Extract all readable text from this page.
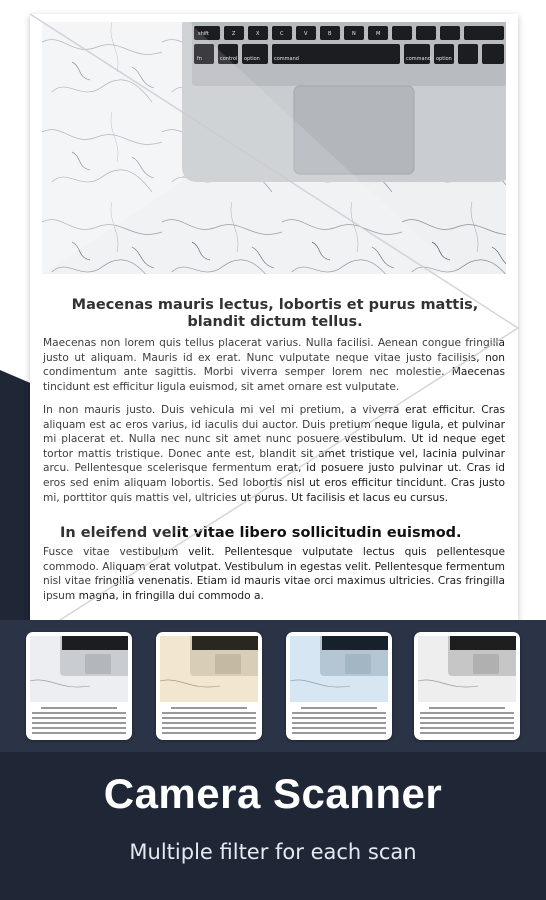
shift	Z	X	C	V	B	N	M
fn	control option	command	command option
Maecenas mauris lectus, lobortis et purus mattis, blandit dictum tellus.
Maecenas non lorem quis tellus placerat varius. Nulla facilisi. Aenean congue fringilla justo ut aliquam. Mauris id ex erat. Nunc vulputate neque vitae justo facilisis, non condimentum ante sagittis. Morbi viverra semper lorem nec molestie. Maecenas tincidunt est efficitur ligula euismod, sit amet ornare est vulputate.
In non mauris justo. Duis vehicula mi vel mi pretium, a viverra erat efficitur. Cras aliquam est ac eros varius, id iaculis dui auctor. Duis pretium neque ligula, et pulvinar mi placerat et. Nulla nec nunc sit amet nunc posuere vestibulum. Ut id neque eget tortor mattis tristique. Donec ante est, blandit sit amet tristique vel, lacinia pulvinar arcu. Pellentesque scelerisque fermentum erat, id posuere justo pulvinar ut. Cras id eros sed enim aliquam lobortis. Sed lobortis nisl ut eros efficitur tincidunt. Cras justo mi, porttitor quis mattis vel, ultricies ut purus. Ut facilisis et lacus eu cursus.
In eleifend velit vitae libero sollicitudin euismod.
Fusce vitae vestibulum velit. Pellentesque vulputate lectus quis pellentesque commodo. Aliquam erat volutpat. Vestibulum in egestas velit. Pellentesque fermentum nisl vitae fringilla venenatis. Etiam id mauris vitae orci maximus ultricies. Cras fringilla ipsum magna, in fringilla dui commodo a.
Camera Scanner
Multiple filter for each scan
